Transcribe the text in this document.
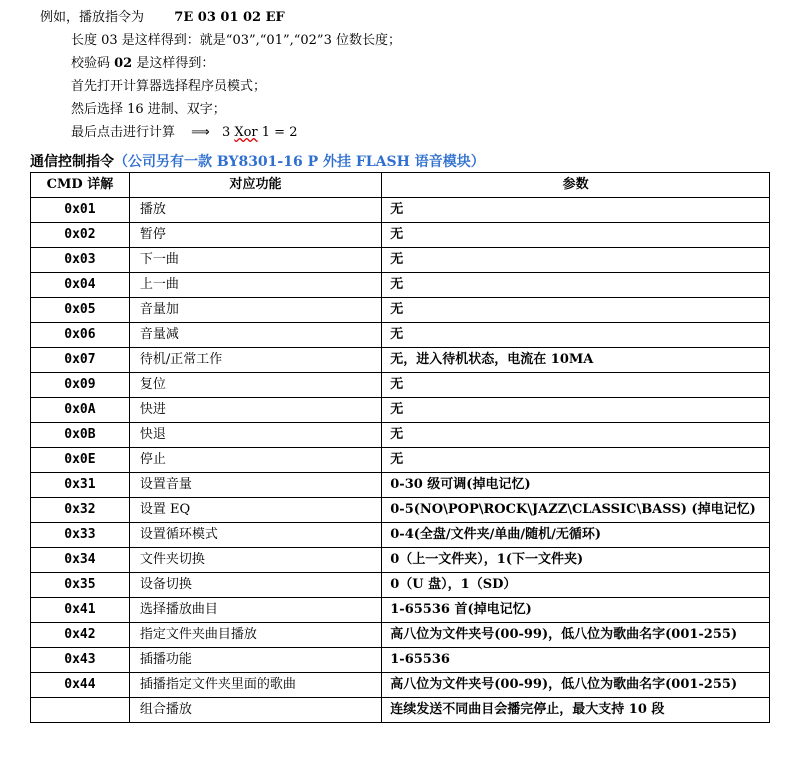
例如，播放指令为 7E 03 01 02 EF
长度 03 是这样得到：就是“03”,“01”,“02”3 位数长度；
校验码 02 是这样得到：
首先打开计算器选择程序员模式；
然后选择 16 进制、双字；
最后点击进行计算 ⟹ 3 Xor 1 = 2
通信控制指令（公司另有一款 BY8301-16 P 外挂 FLASH 语音模块）
CMD 详解	对应功能	参数
0x01	播放	无
0x02	暂停	无
0x03	下一曲	无
0x04	上一曲	无
0x05	音量加	无
0x06	音量减	无
0x07	待机/正常工作	无，进入待机状态，电流在 10MA
0x09	复位	无
0x0A	快进	无
0x0B	快退	无
0x0E	停止	无
0x31	设置音量	0-30 级可调(掉电记忆)
0x32	设置 EQ	0-5(NO\POP\ROCK\JAZZ\CLASSIC\BASS) (掉电记忆)
0x33	设置循环模式	0-4(全盘/文件夹/单曲/随机/无循环)
0x34	文件夹切换	0（上一文件夹），1(下一文件夹)
0x35	设备切换	0（U 盘），1（SD）
0x41	选择播放曲目	1-65536 首(掉电记忆)
0x42	指定文件夹曲目播放	高八位为文件夹号(00-99)，低八位为歌曲名字(001-255)
0x43	插播功能	1-65536
0x44	插播指定文件夹里面的歌曲	高八位为文件夹号(00-99)，低八位为歌曲名字(001-255)
	组合播放	连续发送不同曲目会播完停止，最大支持 10 段
